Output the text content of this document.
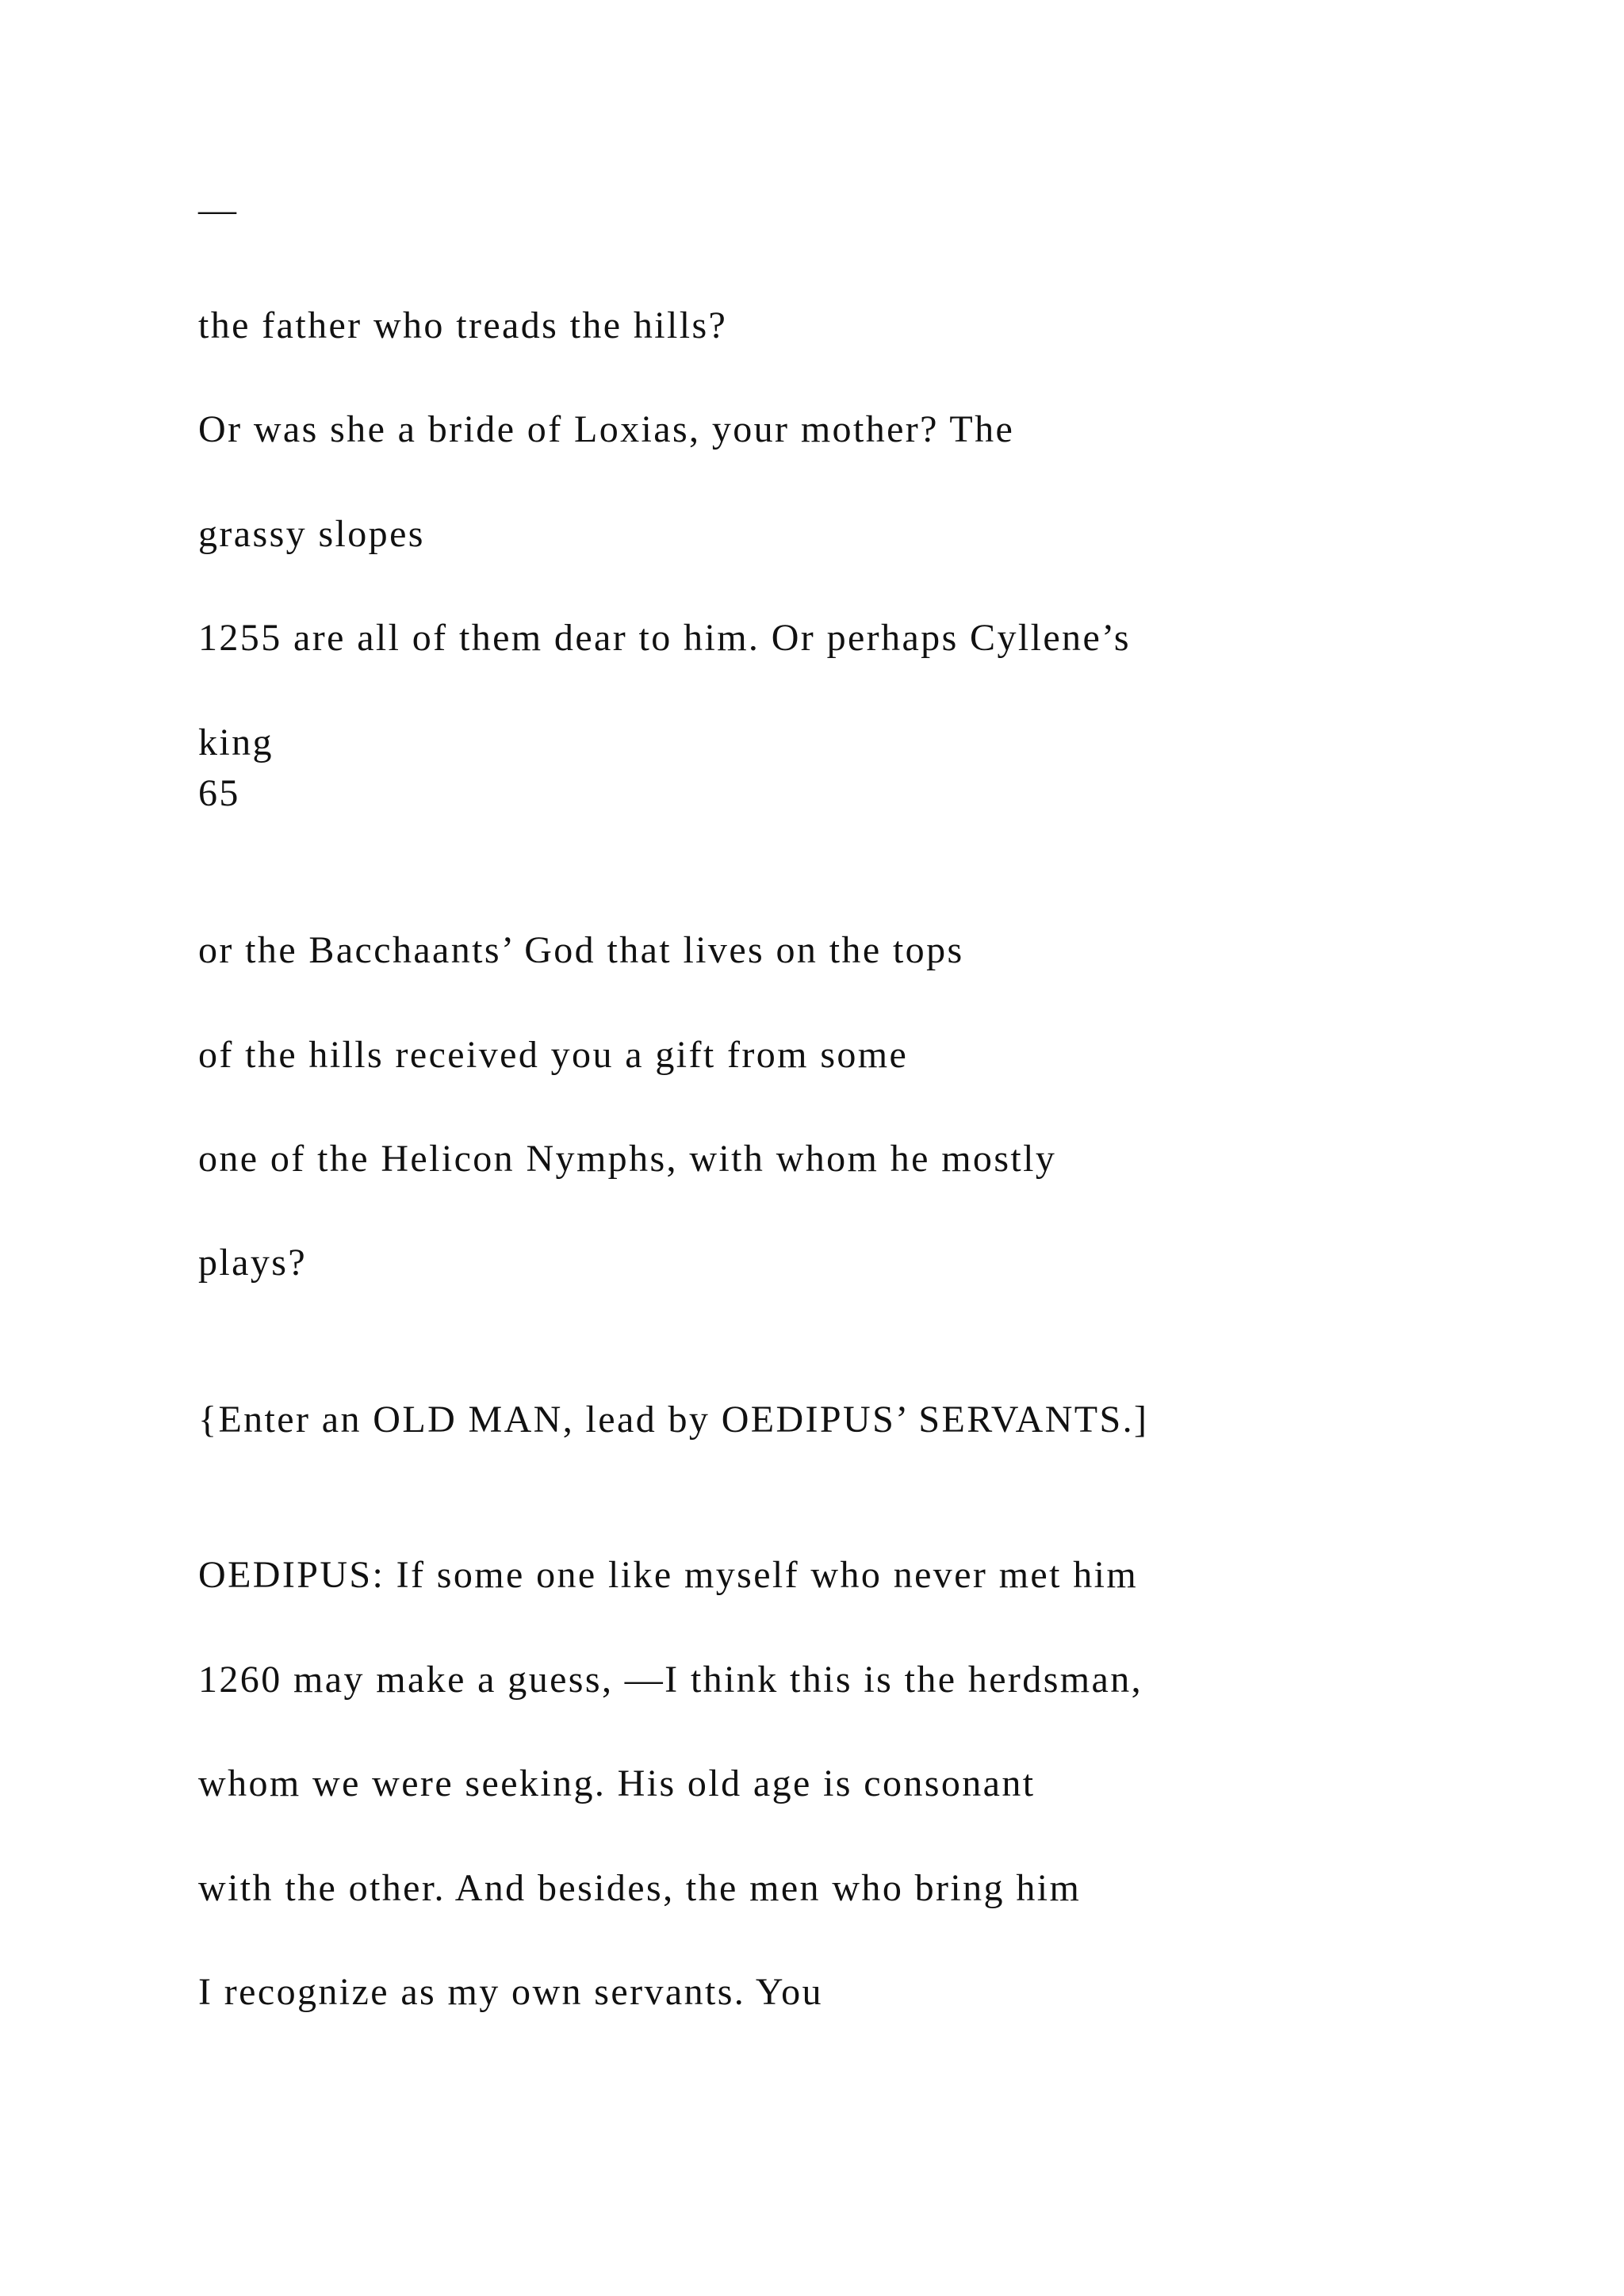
—

the father who treads the hills?

Or was she a bride of Loxias, your mother? The

grassy slopes

1255 are all of them dear to him. Or perhaps Cyllene’s

king

65

or the Bacchaants’ God that lives on the tops

of the hills received you a gift from some

one of the Helicon Nymphs, with whom he mostly

plays?

{Enter an OLD MAN, lead by OEDIPUS’ SERVANTS.]

OEDIPUS: If some one like myself who never met him

1260 may make a guess, —I think this is the herdsman,

whom we were seeking. His old age is consonant

with the other. And besides, the men who bring him

I recognize as my own servants. You
